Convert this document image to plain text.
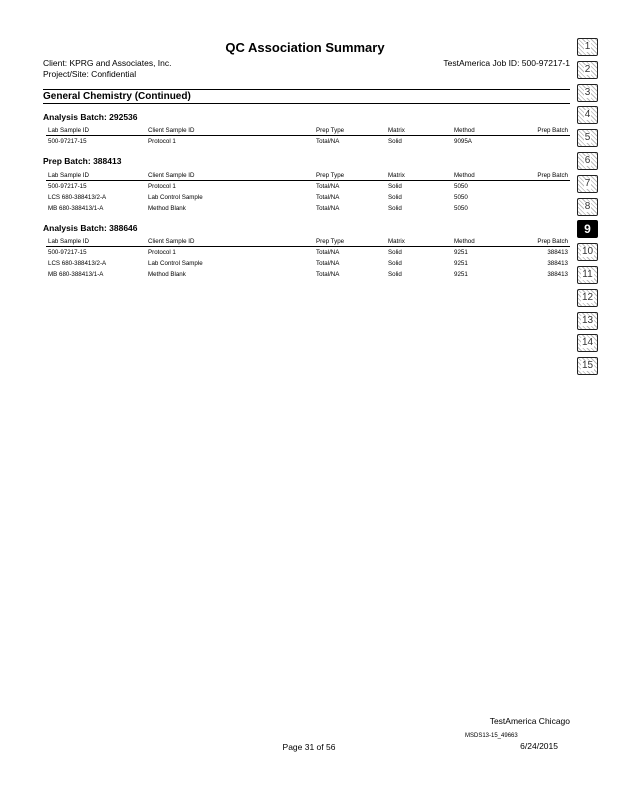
QC Association Summary
Client: KPRG and Associates, Inc.
Project/Site: Confidential
TestAmerica Job ID: 500-97217-1
General Chemistry (Continued)
Analysis Batch: 292536
Lab Sample ID	Client Sample ID	Prep Type	Matrix	Method	Prep Batch
500-97217-15	Protocol 1	Total/NA	Solid	9095A	
Prep Batch: 388413
Lab Sample ID	Client Sample ID	Prep Type	Matrix	Method	Prep Batch
500-97217-15	Protocol 1	Total/NA	Solid	5050	
LCS 680-388413/2-A	Lab Control Sample	Total/NA	Solid	5050	
MB 680-388413/1-A	Method Blank	Total/NA	Solid	5050	
Analysis Batch: 388646
Lab Sample ID	Client Sample ID	Prep Type	Matrix	Method	Prep Batch
500-97217-15	Protocol 1	Total/NA	Solid	9251	388413
LCS 680-388413/2-A	Lab Control Sample	Total/NA	Solid	9251	388413
MB 680-388413/1-A	Method Blank	Total/NA	Solid	9251	388413
1
2
3
4
5
6
7
8
9
10
11
12
13
14
15
TestAmerica Chicago
Page 31 of 56
MSDS13-15_49663
6/24/2015
